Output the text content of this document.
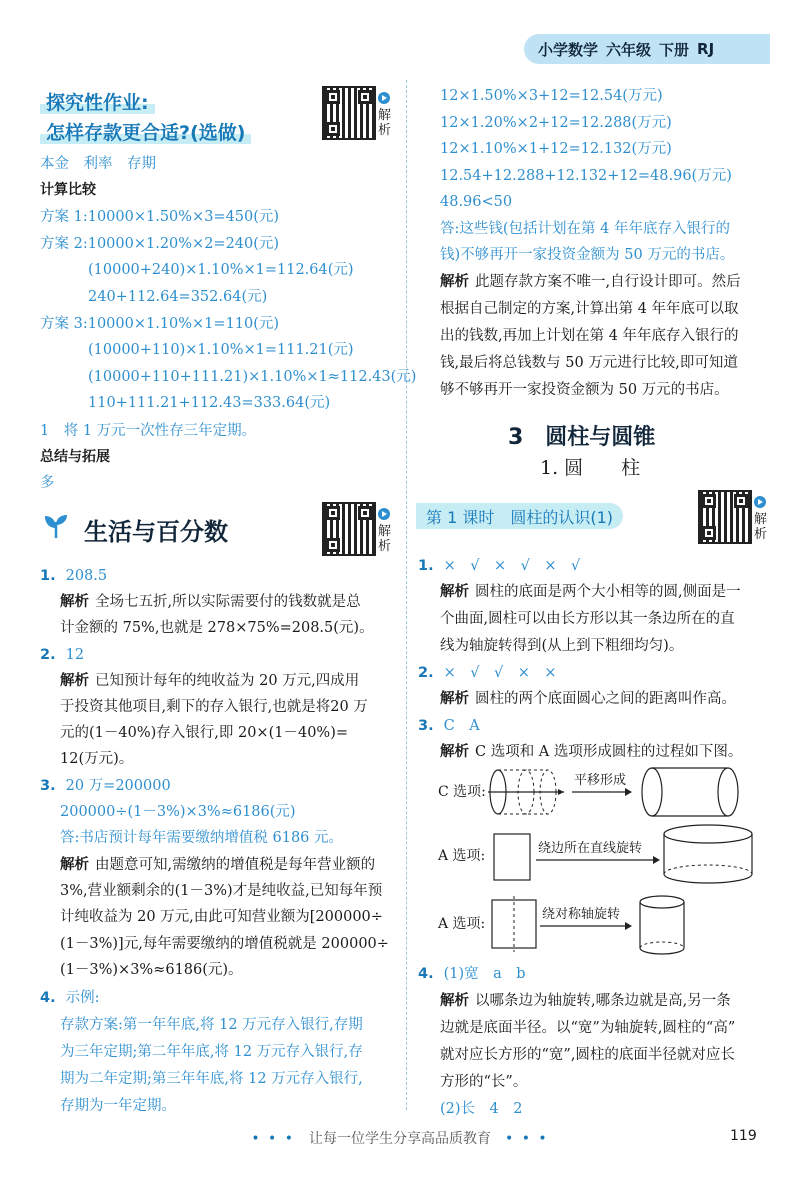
小学数学 六年级 下册 RJ
探究性作业:
怎样存款更合适?(选做)
解析
本金　利率　存期
计算比较
方案 1:10000×1.50%×3=450(元)
方案 2:10000×1.20%×2=240(元)
(10000+240)×1.10%×1=112.64(元)
240+112.64=352.64(元)
方案 3:10000×1.10%×1=110(元)
(10000+110)×1.10%×1=111.21(元)
(10000+110+111.21)×1.10%×1≈112.43(元)
110+111.21+112.43=333.64(元)
1　将 1 万元一次性存三年定期。
总结与拓展
多
生活与百分数	解析
1. 208.5
解析 全场七五折,所以实际需要付的钱数就是总
计金额的 75%,也就是 278×75%=208.5(元)。
2. 12
解析 已知预计每年的纯收益为 20 万元,四成用
于投资其他项目,剩下的存入银行,也就是将20 万
元的(1－40%)存入银行,即 20×(1－40%)=
12(万元)。
3. 20 万=200000
200000÷(1－3%)×3%≈6186(元)
答:书店预计每年需要缴纳增值税 6186 元。
解析 由题意可知,需缴纳的增值税是每年营业额的
3%,营业额剩余的(1－3%)才是纯收益,已知每年预
计纯收益为 20 万元,由此可知营业额为[200000÷
(1－3%)]元,每年需要缴纳的增值税就是 200000÷
(1－3%)×3%≈6186(元)。
4. 示例:
存款方案:第一年年底,将 12 万元存入银行,存期
为三年定期;第二年年底,将 12 万元存入银行,存
期为二年定期;第三年年底,将 12 万元存入银行,
存期为一年定期。
12×1.50%×3+12=12.54(万元)
12×1.20%×2+12=12.288(万元)
12×1.10%×1+12=12.132(万元)
12.54+12.288+12.132+12=48.96(万元)
48.96<50
答:这些钱(包括计划在第 4 年年底存入银行的
钱)不够再开一家投资金额为 50 万元的书店。
解析 此题存款方案不唯一,自行设计即可。然后
根据自己制定的方案,计算出第 4 年年底可以取
出的钱数,再加上计划在第 4 年年底存入银行的
钱,最后将总钱数与 50 万元进行比较,即可知道
够不够再开一家投资金额为 50 万元的书店。
3　圆柱与圆锥
1. 圆　　柱
第 1 课时　圆柱的认识(1)	解析
1. ×　√　×　√　×　√
解析 圆柱的底面是两个大小相等的圆,侧面是一
个曲面,圆柱可以由长方形以其一条边所在的直
线为轴旋转得到(从上到下粗细均匀)。
2. ×　√　√　×　×
解析 圆柱的两个底面圆心之间的距离叫作高。
3. C　A
解析 C 选项和 A 选项形成圆柱的过程如下图。
C 选项:
平移形成
A 选项:	绕边所在直线旋转
A 选项:
绕对称轴旋转
4. (1)宽　a　b
解析 以哪条边为轴旋转,哪条边就是高,另一条
边就是底面半径。以“宽”为轴旋转,圆柱的“高”
就对应长方形的“宽”,圆柱的底面半径就对应长
方形的“长”。
(2)长　4　2
• • •　 让每一位学生分享高品质教育　 • • •	119
